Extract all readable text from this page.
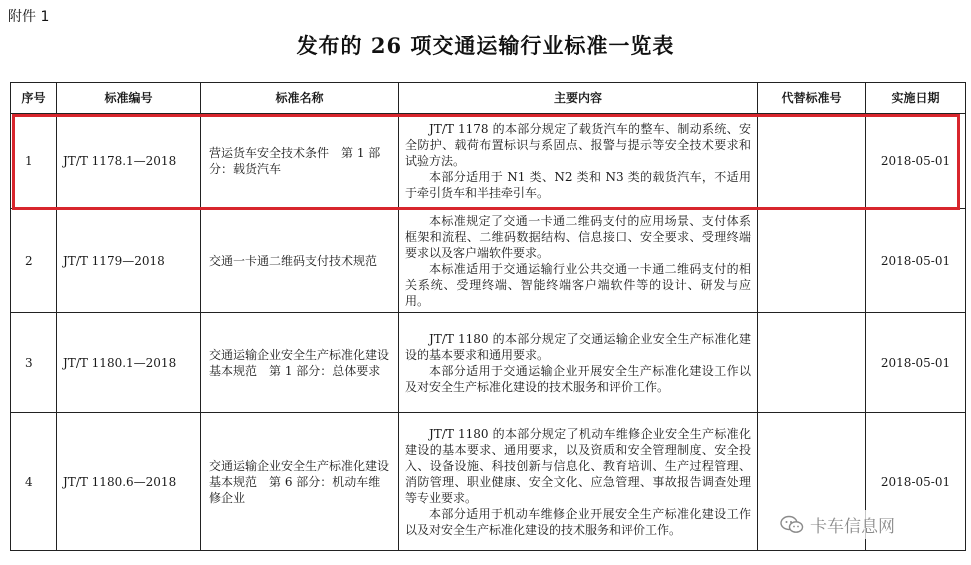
附件 1
发布的 26 项交通运输行业标准一览表
序号	标准编号	标准名称	主要内容	代替标准号	实施日期
1	JT/T 1178.1—2018	营运货车安全技术条件　第 1 部分：载货汽车	JT/T 1178 的本部分规定了载货汽车的整车、制动系统、安全防护、载荷布置标识与系固点、报警与提示等安全技术要求和试验方法。

本部分适用于 N1 类、N2 类和 N3 类的载货汽车，不适用于牵引货车和半挂牵引车。		2018-05-01
2	JT/T 1179—2018	交通一卡通二维码支付技术规范	本标准规定了交通一卡通二维码支付的应用场景、支付体系框架和流程、二维码数据结构、信息接口、安全要求、受理终端要求以及客户端软件要求。

本标准适用于交通运输行业公共交通一卡通二维码支付的相关系统、受理终端、智能终端客户端软件等的设计、研发与应用。		2018-05-01
3	JT/T 1180.1—2018	交通运输企业安全生产标准化建设基本规范　第 1 部分：总体要求	JT/T 1180 的本部分规定了交通运输企业安全生产标准化建设的基本要求和通用要求。

本部分适用于交通运输企业开展安全生产标准化建设工作以及对安全生产标准化建设的技术服务和评价工作。		2018-05-01
4	JT/T 1180.6—2018	交通运输企业安全生产标准化建设基本规范　第 6 部分：机动车维修企业	JT/T 1180 的本部分规定了机动车维修企业安全生产标准化建设的基本要求、通用要求，以及资质和安全管理制度、安全投入、设备设施、科技创新与信息化、教育培训、生产过程管理、消防管理、职业健康、安全文化、应急管理、事故报告调查处理等专业要求。

本部分适用于机动车维修企业开展安全生产标准化建设工作以及对安全生产标准化建设的技术服务和评价工作。		2018-05-01
卡车信息网
